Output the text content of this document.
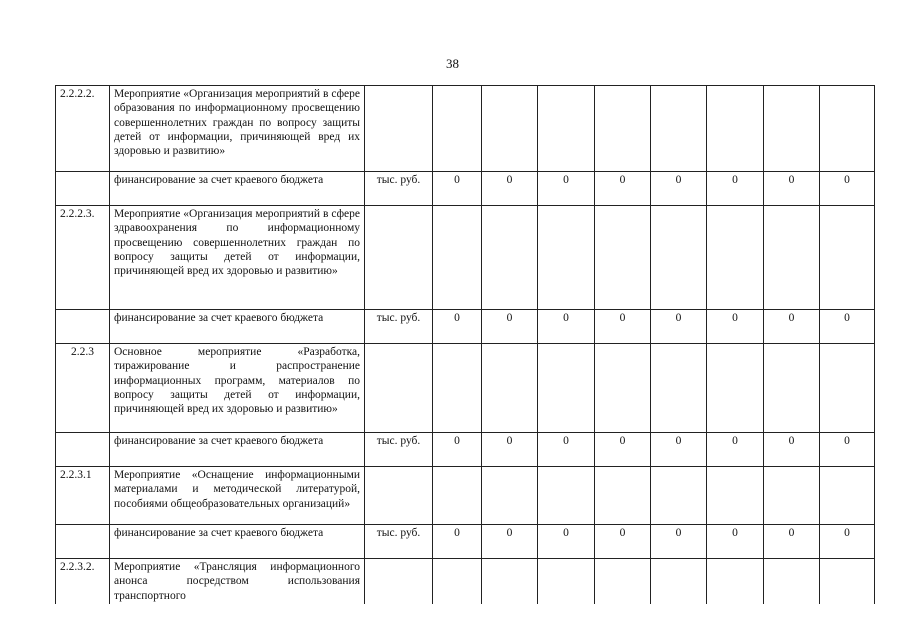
38
2.2.2.2.	Мероприятие «Организация мероприятий в сфере образования по информационному просвещению совершеннолетних граждан по вопросу защиты детей от информации, причиняющей вред их здоровью и развитию»									
	финансирование за счет краевого бюджета	тыс. руб.	0	0	0	0	0	0	0	0
2.2.2.3.	Мероприятие «Организация мероприятий в сфере здравоохранения по информационному просвещению совершеннолетних граждан по вопросу защиты детей от информации, причиняющей вред их здоровью и развитию»									
	финансирование за счет краевого бюджета	тыс. руб.	0	0	0	0	0	0	0	0
2.2.3	Основное мероприятие «Разработка, тиражирование и распространение информационных программ, материалов по вопросу защиты детей от информации, причиняющей вред их здоровью и развитию»									
	финансирование за счет краевого бюджета	тыс. руб.	0	0	0	0	0	0	0	0
2.2.3.1	Мероприятие «Оснащение информационными материалами и методической литературой, пособиями общеобразовательных организаций»									
	финансирование за счет краевого бюджета	тыс. руб.	0	0	0	0	0	0	0	0
2.2.3.2.	Мероприятие «Трансляция информационного анонса посредством использования транспортного									
